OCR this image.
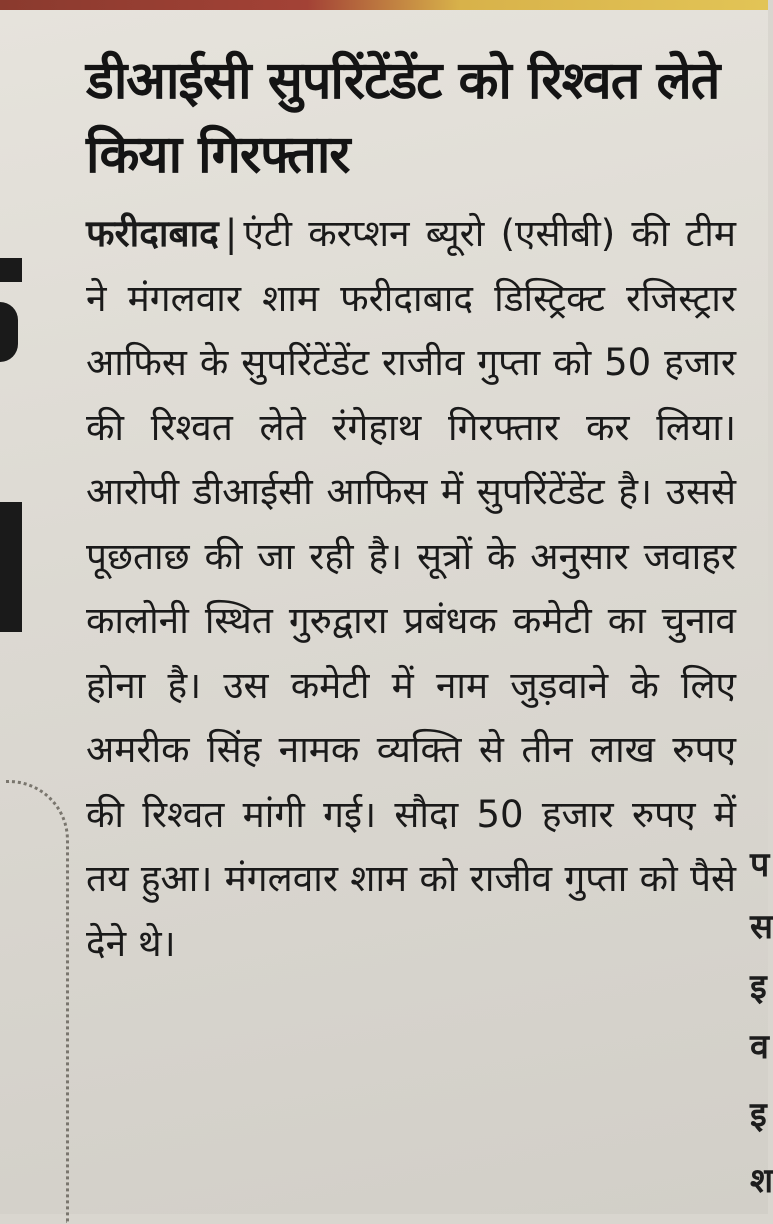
प
स
इ
व
इ
श
डीआईसी सुपरिंटेंडेंट को रिश्वत लेते किया गिरफ्तार

फरीदाबाद | एंटी करप्शन ब्यूरो (एसीबी) की टीम ने मंगलवार शाम फरीदाबाद डिस्ट्रिक्ट रजिस्ट्रार आफिस के सुपरिंटेंडेंट राजीव गुप्ता को 50 हजार की रिश्वत लेते रंगेहाथ गिरफ्तार कर लिया। आरोपी डीआईसी आफिस में सुपरिंटेंडेंट है। उससे पूछताछ की जा रही है। सूत्रों के अनुसार जवाहर कालोनी स्थित गुरुद्वारा प्रबंधक कमेटी का चुनाव होना है। उस कमेटी में नाम जुड़वाने के लिए अमरीक सिंह नामक व्यक्ति से तीन लाख रुपए की रिश्वत मांगी गई। सौदा 50 हजार रुपए में तय हुआ। मंगलवार शाम को राजीव गुप्ता को पैसे देने थे।
